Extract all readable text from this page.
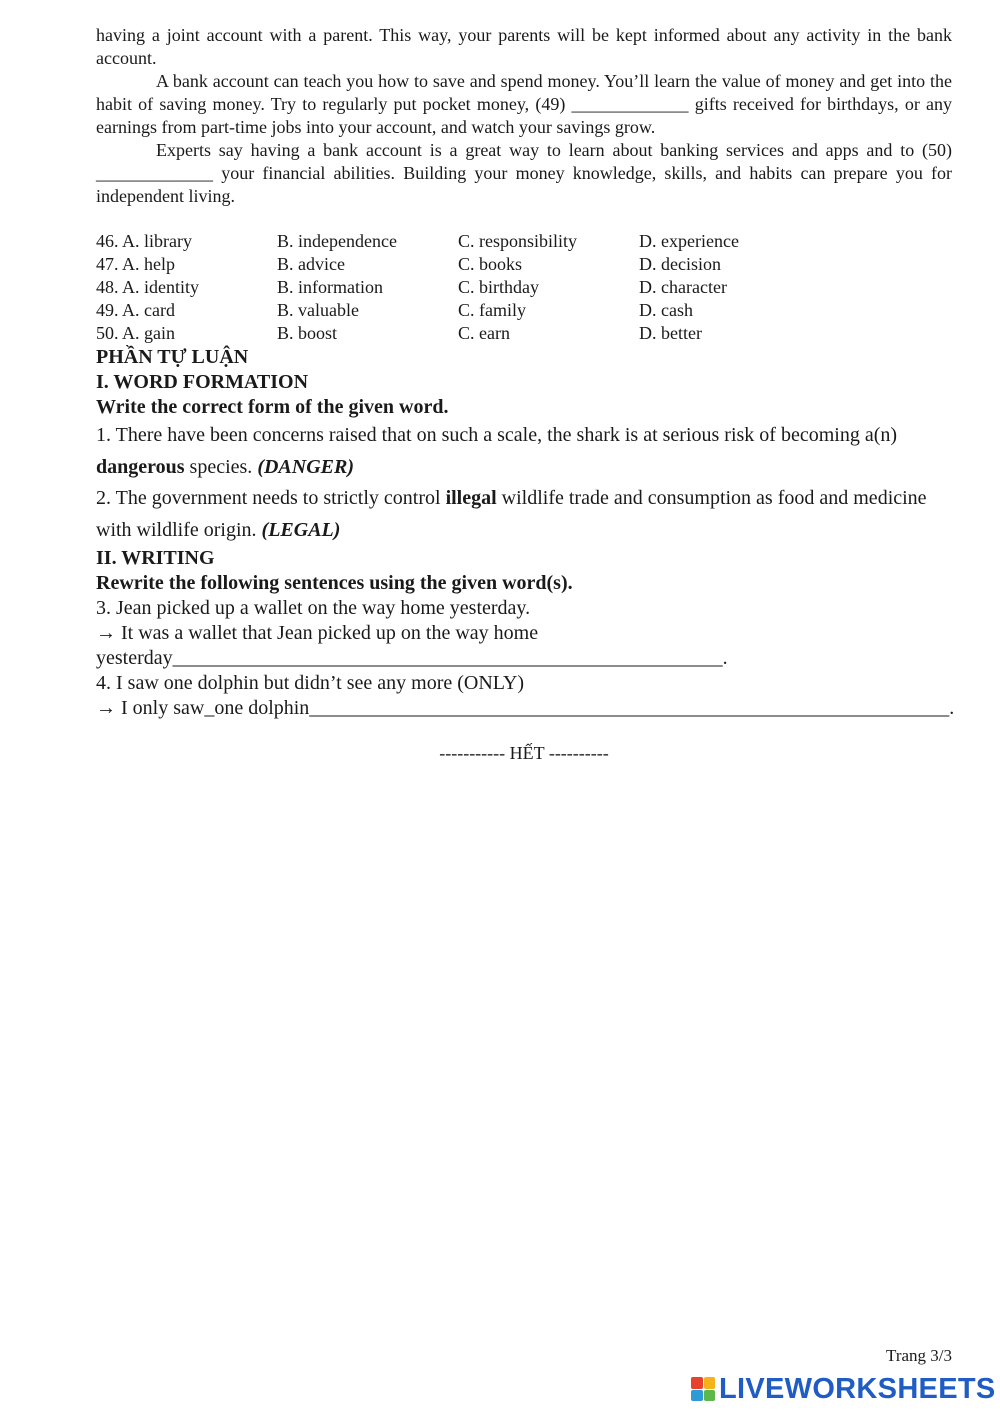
having a joint account with a parent. This way, your parents will be kept informed about any activity in the bank account.

A bank account can teach you how to save and spend money. You’ll learn the value of money and get into the habit of saving money. Try to regularly put pocket money, (49) _____________ gifts received for birthdays, or any earnings from part-time jobs into your account, and watch your savings grow.

Experts say having a bank account is a great way to learn about banking services and apps and to (50) _____________ your financial abilities. Building your money knowledge, skills, and habits can prepare you for independent living.

46. A. library	B. independence	C. responsibility	D. experience
47. A. help	B. advice	C. books	D. decision
48. A. identity	B. information	C. birthday	D. character
49. A. card	B. valuable	C. family	D. cash
50. A. gain	B. boost	C. earn	D. better

PHẦN TỰ LUẬN

I. WORD FORMATION

Write the correct form of the given word.

1. There have been concerns raised that on such a scale, the shark is at serious risk of becoming a(n) dangerous species. (DANGER)

2. The government needs to strictly control illegal wildlife trade and consumption as food and medicine with wildlife origin. (LEGAL)

II. WRITING

Rewrite the following sentences using the given word(s).

3. Jean picked up a wallet on the way home yesterday.

→ It was a wallet that Jean picked up on the way home

yesterday_______________________________________________________.

4. I saw one dolphin but didn’t see any more (ONLY)

→ I only saw_one dolphin________________________________________________________________.

----------- HẾT ----------
Trang 3/3
LIVEWORKSHEETS
